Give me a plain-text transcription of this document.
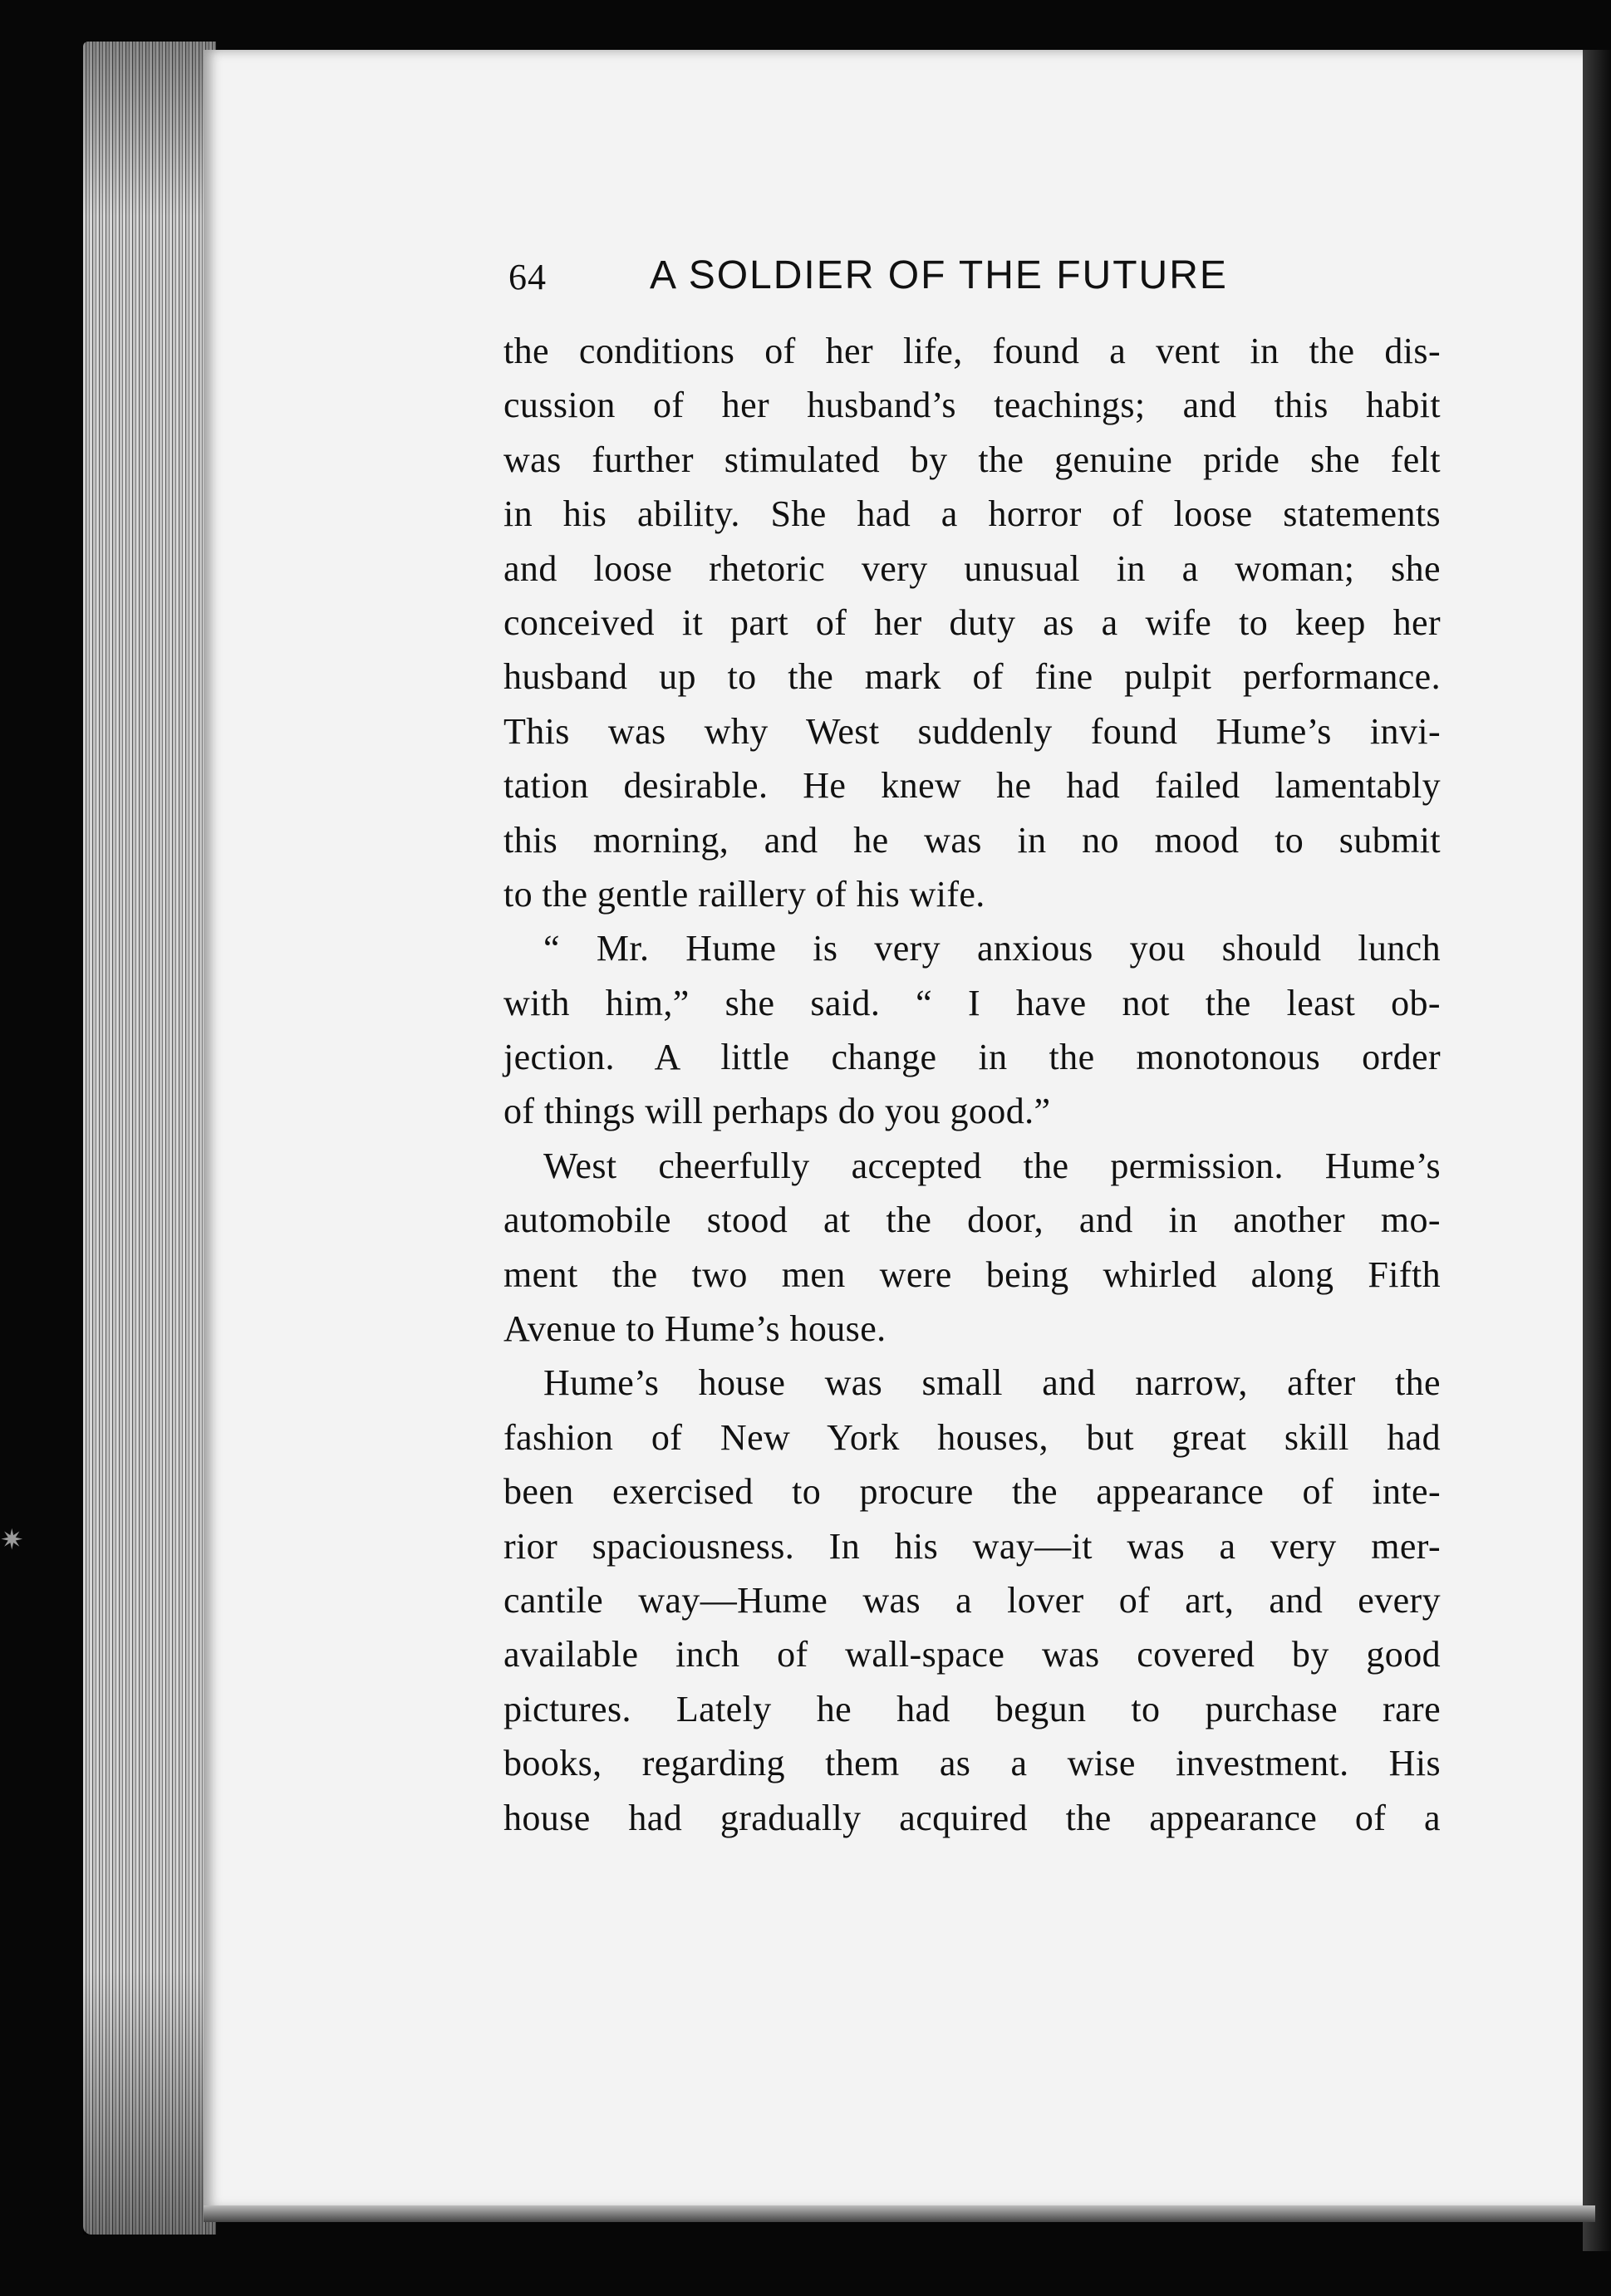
✷
64	A SOLDIER OF THE FUTURE
the conditions of her life, found a vent in the dis-
cussion of her husband’s teachings; and this habit
was further stimulated by the genuine pride she felt
in his ability. She had a horror of loose statements
and loose rhetoric very unusual in a woman; she
conceived it part of her duty as a wife to keep her
husband up to the mark of fine pulpit performance.
This was why West suddenly found Hume’s invi-
tation desirable. He knew he had failed lamentably
this morning, and he was in no mood to submit
to the gentle raillery of his wife.
“ Mr. Hume is very anxious you should lunch
with him,” she said. “ I have not the least ob-
jection. A little change in the monotonous order
of things will perhaps do you good.”
West cheerfully accepted the permission. Hume’s
automobile stood at the door, and in another mo-
ment the two men were being whirled along Fifth
Avenue to Hume’s house.
Hume’s house was small and narrow, after the
fashion of New York houses, but great skill had
been exercised to procure the appearance of inte-
rior spaciousness. In his way—it was a very mer-
cantile way—Hume was a lover of art, and every
available inch of wall-space was covered by good
pictures. Lately he had begun to purchase rare
books, regarding them as a wise investment. His
house had gradually acquired the appearance of a
